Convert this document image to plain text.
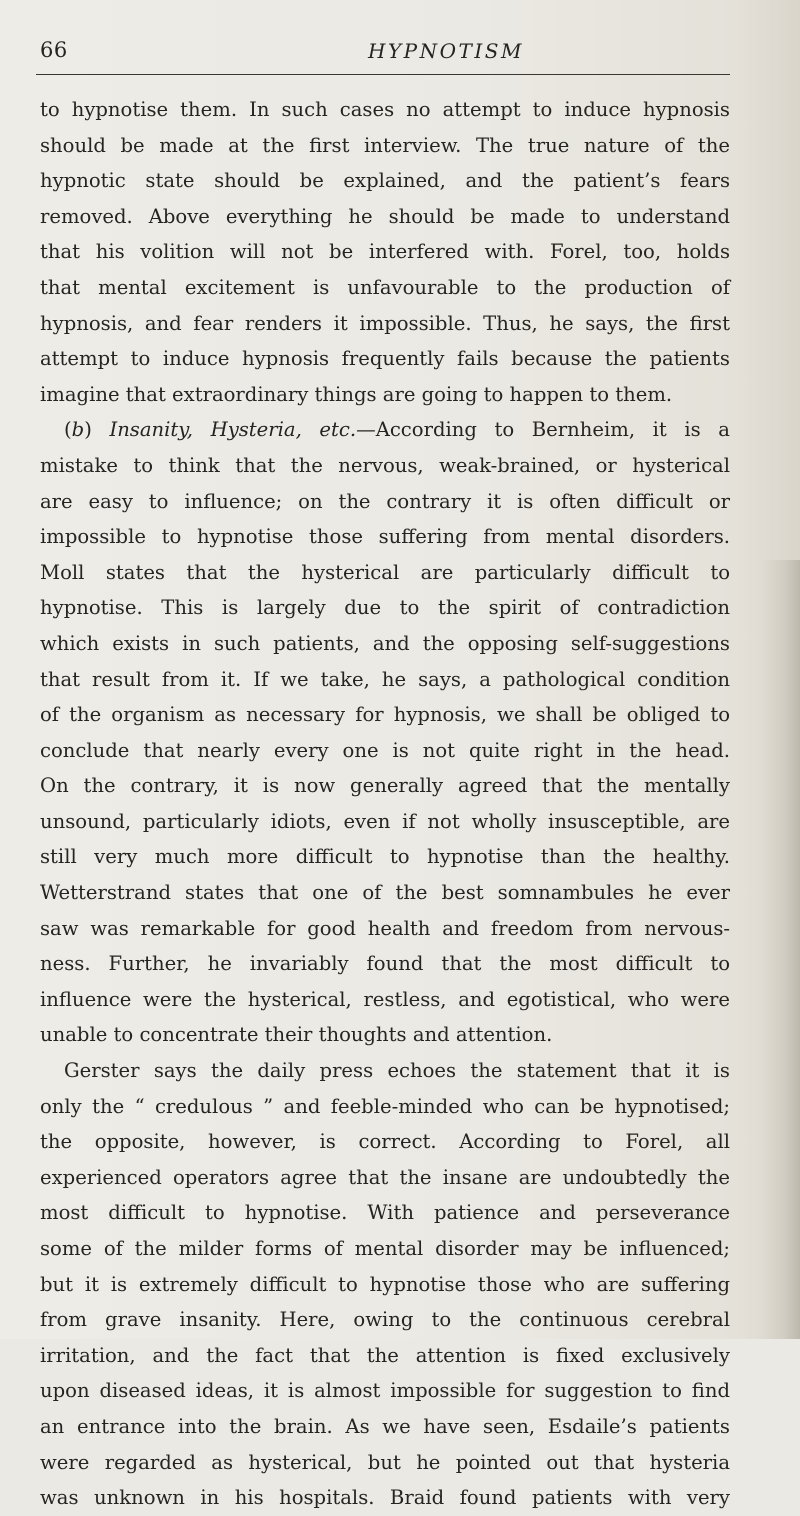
66	HYPNOTISM
to hypnotise them. In such cases no attempt to induce hypnosis
should be made at the first interview. The true nature of the
hypnotic state should be explained, and the patient’s fears
removed. Above everything he should be made to understand
that his volition will not be interfered with. Forel, too, holds
that mental excitement is unfavourable to the production of
hypnosis, and fear renders it impossible. Thus, he says, the first
attempt to induce hypnosis frequently fails because the patients
imagine that extraordinary things are going to happen to them.
(b) Insanity, Hysteria, etc.—According to Bernheim, it is a
mistake to think that the nervous, weak-brained, or hysterical
are easy to influence; on the contrary it is often difficult or
impossible to hypnotise those suffering from mental disorders.
Moll states that the hysterical are particularly difficult to
hypnotise. This is largely due to the spirit of contradiction
which exists in such patients, and the opposing self-suggestions
that result from it. If we take, he says, a pathological condition
of the organism as necessary for hypnosis, we shall be obliged to
conclude that nearly every one is not quite right in the head.
On the contrary, it is now generally agreed that the mentally
unsound, particularly idiots, even if not wholly insusceptible, are
still very much more difficult to hypnotise than the healthy.
Wetterstrand states that one of the best somnambules he ever
saw was remarkable for good health and freedom from nervous-
ness. Further, he invariably found that the most difficult to
influence were the hysterical, restless, and egotistical, who were
unable to concentrate their thoughts and attention.
Gerster says the daily press echoes the statement that it is
only the “ credulous ” and feeble-minded who can be hypnotised;
the opposite, however, is correct. According to Forel, all
experienced operators agree that the insane are undoubtedly the
most difficult to hypnotise. With patience and perseverance
some of the milder forms of mental disorder may be influenced;
but it is extremely difficult to hypnotise those who are suffering
from grave insanity. Here, owing to the continuous cerebral
irritation, and the fact that the attention is fixed exclusively
upon diseased ideas, it is almost impossible for suggestion to find
an entrance into the brain. As we have seen, Esdaile’s patients
were regarded as hysterical, but he pointed out that hysteria
was unknown in his hospitals. Braid found patients with very
